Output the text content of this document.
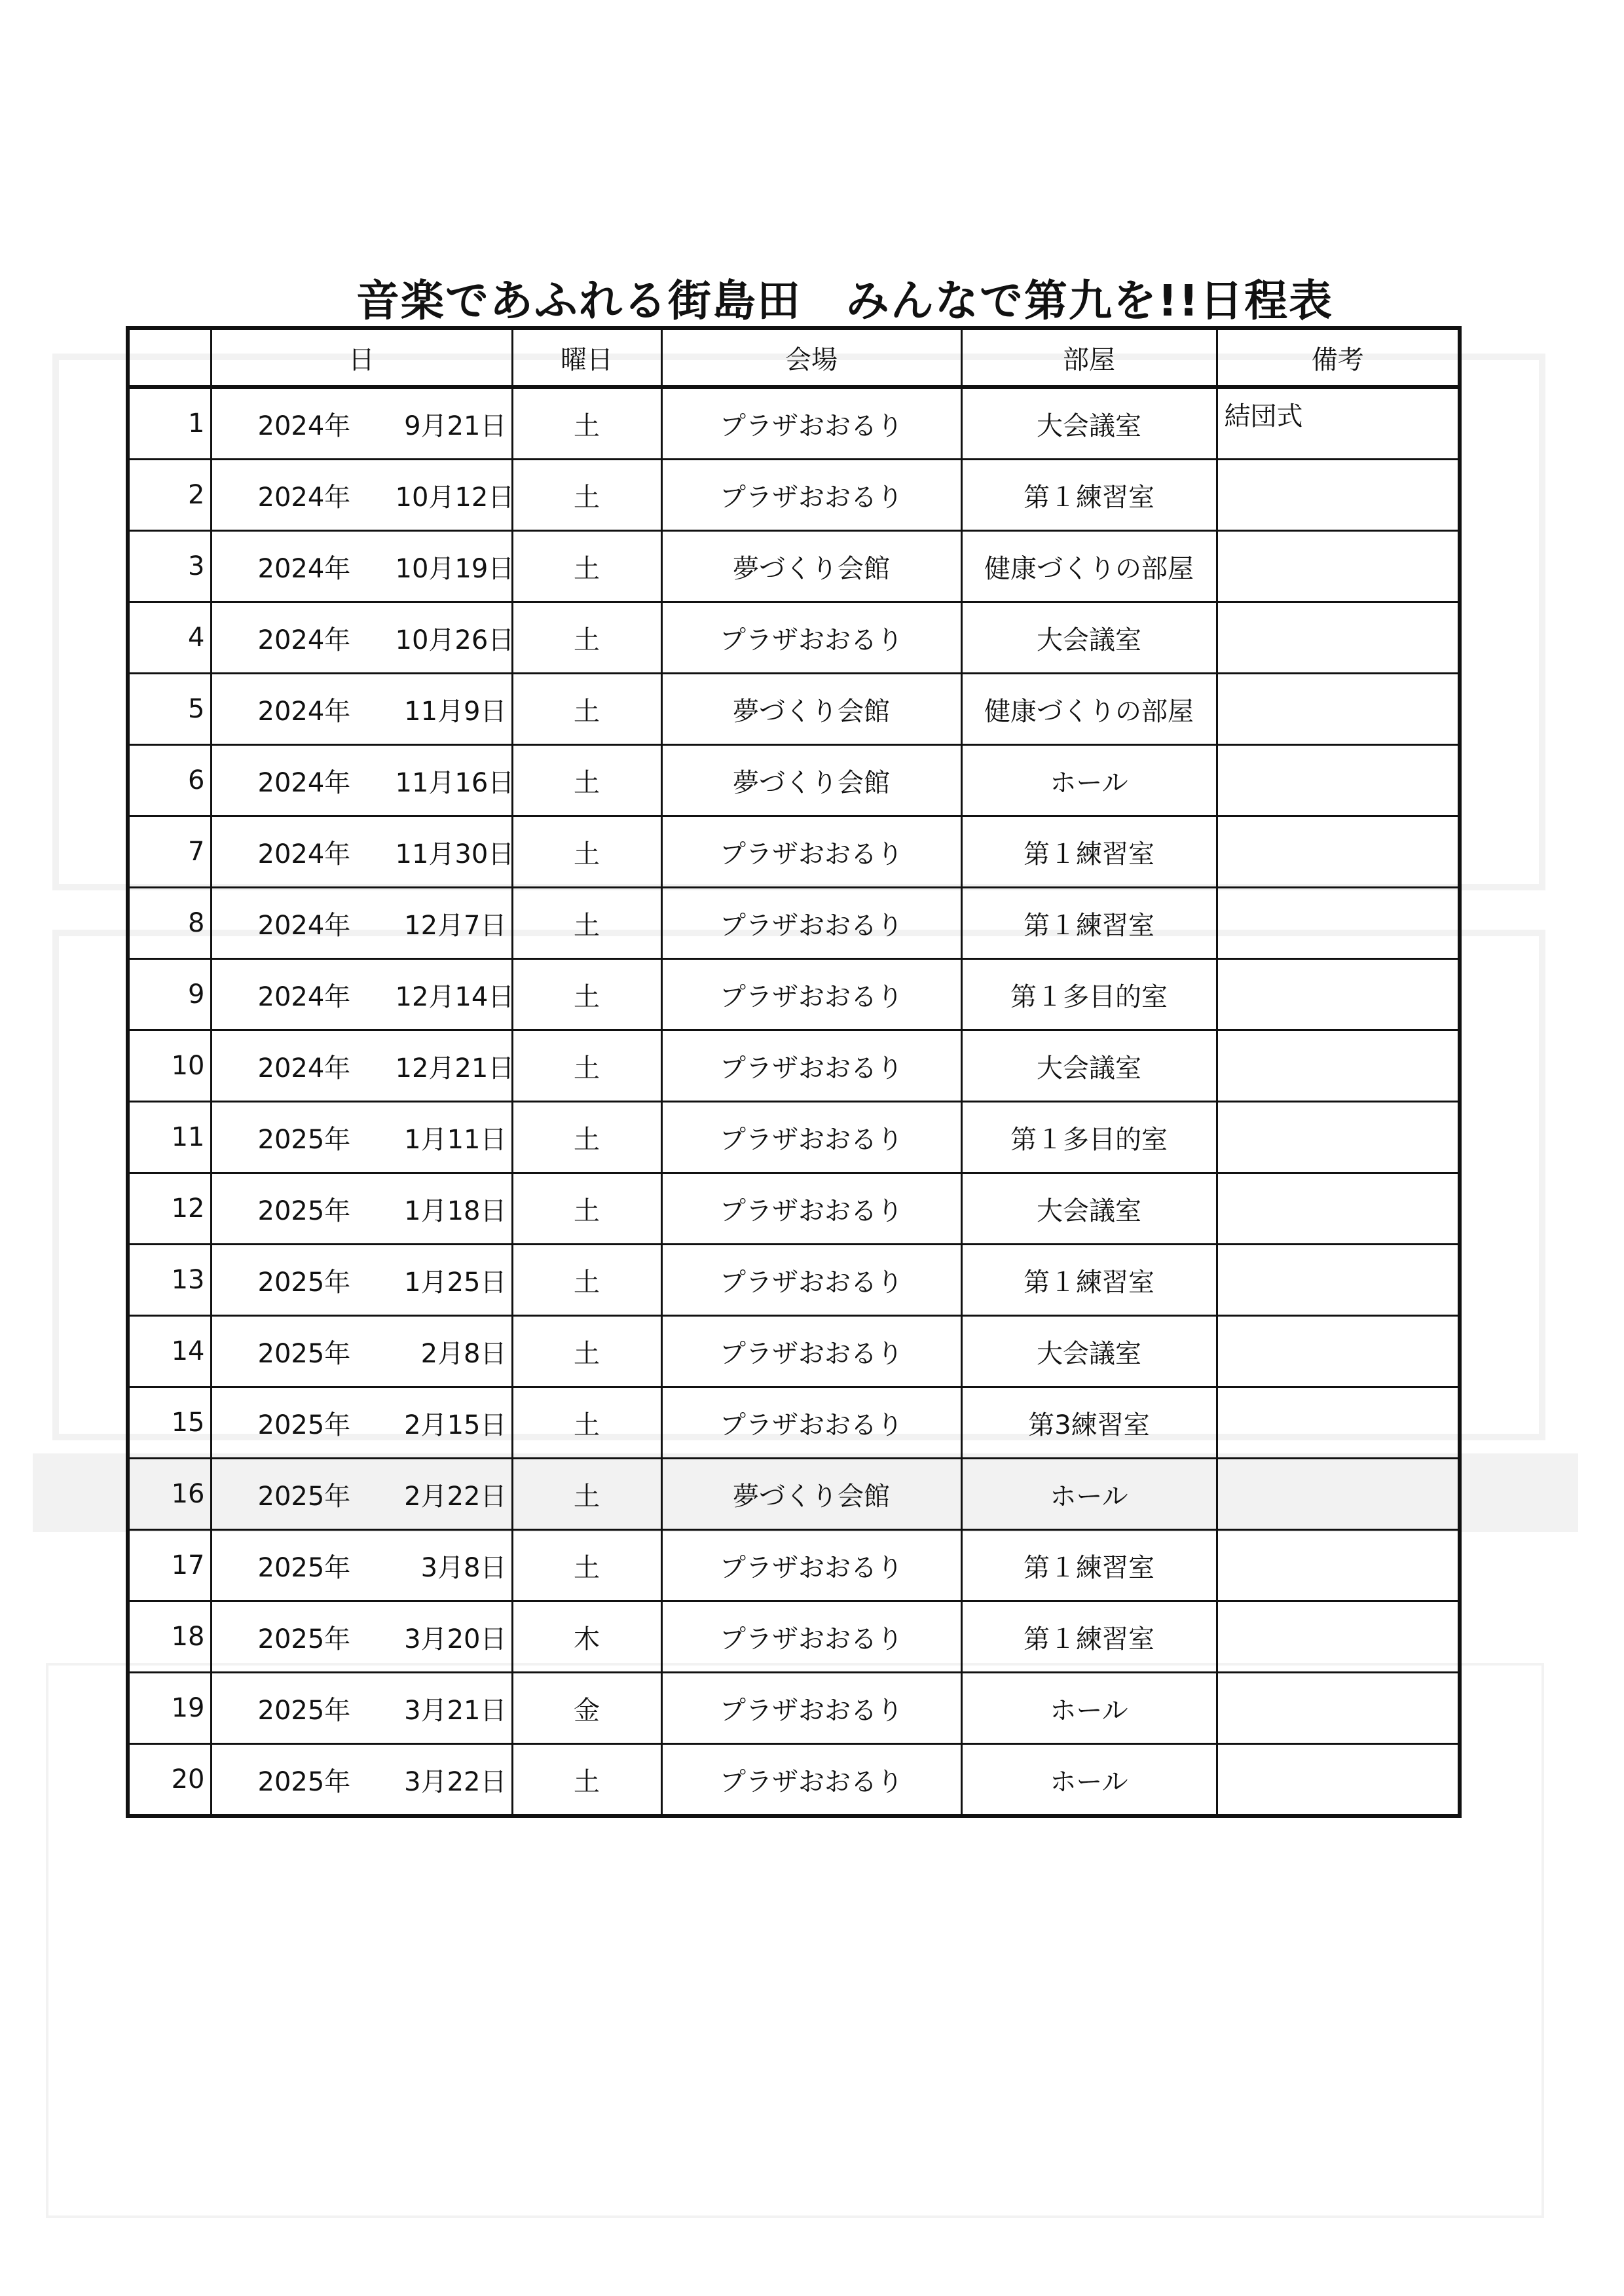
音楽であふれる街島田　みんなで第九を!!日程表
	日	曜日	会場	部屋	備考
1	2024年 9月21日	土	プラザおおるり	大会議室	結団式
2	2024年 10月12日	土	プラザおおるり	第１練習室	
3	2024年 10月19日	土	夢づくり会館	健康づくりの部屋	
4	2024年 10月26日	土	プラザおおるり	大会議室	
5	2024年 11月9日	土	夢づくり会館	健康づくりの部屋	
6	2024年 11月16日	土	夢づくり会館	ホール	
7	2024年 11月30日	土	プラザおおるり	第１練習室	
8	2024年 12月7日	土	プラザおおるり	第１練習室	
9	2024年 12月14日	土	プラザおおるり	第１多目的室	
10	2024年 12月21日	土	プラザおおるり	大会議室	
11	2025年 1月11日	土	プラザおおるり	第１多目的室	
12	2025年 1月18日	土	プラザおおるり	大会議室	
13	2025年 1月25日	土	プラザおおるり	第１練習室	
14	2025年 2月8日	土	プラザおおるり	大会議室	
15	2025年 2月15日	土	プラザおおるり	第3練習室	
16	2025年 2月22日	土	夢づくり会館	ホール	
17	2025年 3月8日	土	プラザおおるり	第１練習室	
18	2025年 3月20日	木	プラザおおるり	第１練習室	
19	2025年 3月21日	金	プラザおおるり	ホール	
20	2025年 3月22日	土	プラザおおるり	ホール	
